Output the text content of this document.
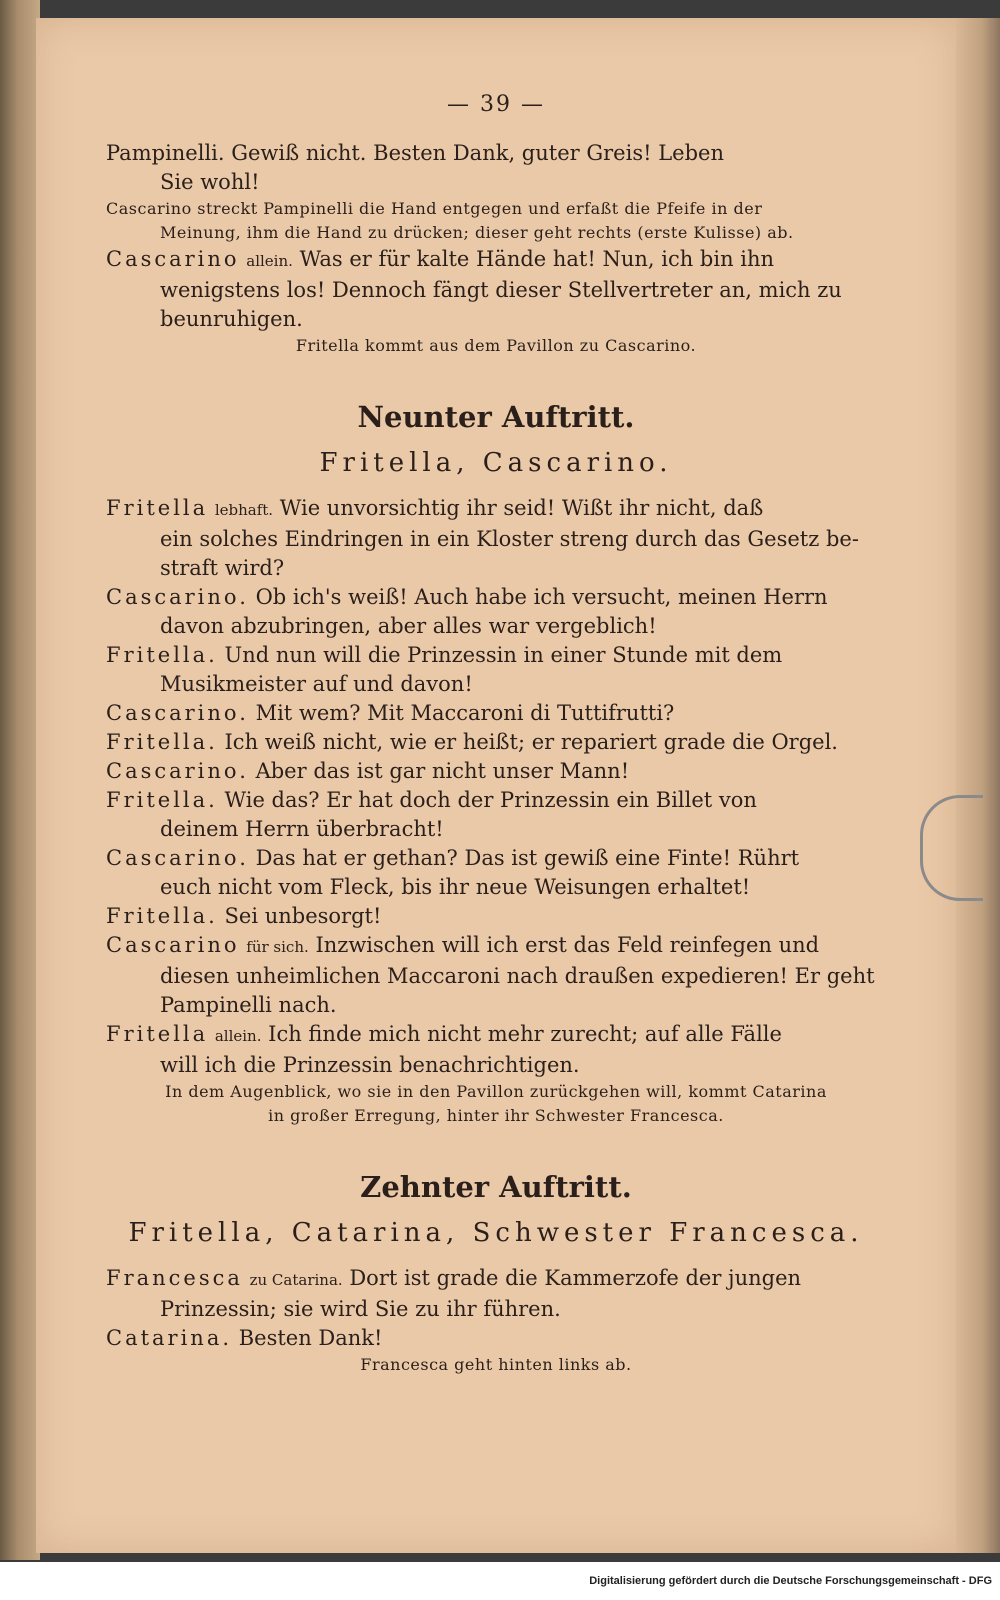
— 39 —
Pampinelli. Gewiß nicht. Besten Dank, guter Greis! Leben
Sie wohl!
Cascarino streckt Pampinelli die Hand entgegen und erfaßt die Pfeife in der
Meinung, ihm die Hand zu drücken; dieser geht rechts (erste Kulisse) ab.
Cascarino allein. Was er für kalte Hände hat! Nun, ich bin ihn
wenigstens los! Dennoch fängt dieser Stellvertreter an, mich zu
beunruhigen.
Fritella kommt aus dem Pavillon zu Cascarino.
Neunter Auftritt.
Fritella, Cascarino.
Fritella lebhaft. Wie unvorsichtig ihr seid! Wißt ihr nicht, daß
ein solches Eindringen in ein Kloster streng durch das Gesetz be-
straft wird?
Cascarino. Ob ich's weiß! Auch habe ich versucht, meinen Herrn
davon abzubringen, aber alles war vergeblich!
Fritella. Und nun will die Prinzessin in einer Stunde mit dem
Musikmeister auf und davon!
Cascarino. Mit wem? Mit Maccaroni di Tuttifrutti?
Fritella. Ich weiß nicht, wie er heißt; er repariert grade die Orgel.
Cascarino. Aber das ist gar nicht unser Mann!
Fritella. Wie das? Er hat doch der Prinzessin ein Billet von
deinem Herrn überbracht!
Cascarino. Das hat er gethan? Das ist gewiß eine Finte! Rührt
euch nicht vom Fleck, bis ihr neue Weisungen erhaltet!
Fritella. Sei unbesorgt!
Cascarino für sich. Inzwischen will ich erst das Feld reinfegen und
diesen unheimlichen Maccaroni nach draußen expedieren! Er geht
Pampinelli nach.
Fritella allein. Ich finde mich nicht mehr zurecht; auf alle Fälle
will ich die Prinzessin benachrichtigen.
In dem Augenblick, wo sie in den Pavillon zurückgehen will, kommt Catarina
in großer Erregung, hinter ihr Schwester Francesca.
Zehnter Auftritt.
Fritella, Catarina, Schwester Francesca.
Francesca zu Catarina. Dort ist grade die Kammerzofe der jungen
Prinzessin; sie wird Sie zu ihr führen.
Catarina. Besten Dank!
Francesca geht hinten links ab.
Digitalisierung gefördert durch die Deutsche Forschungsgemeinschaft - DFG
